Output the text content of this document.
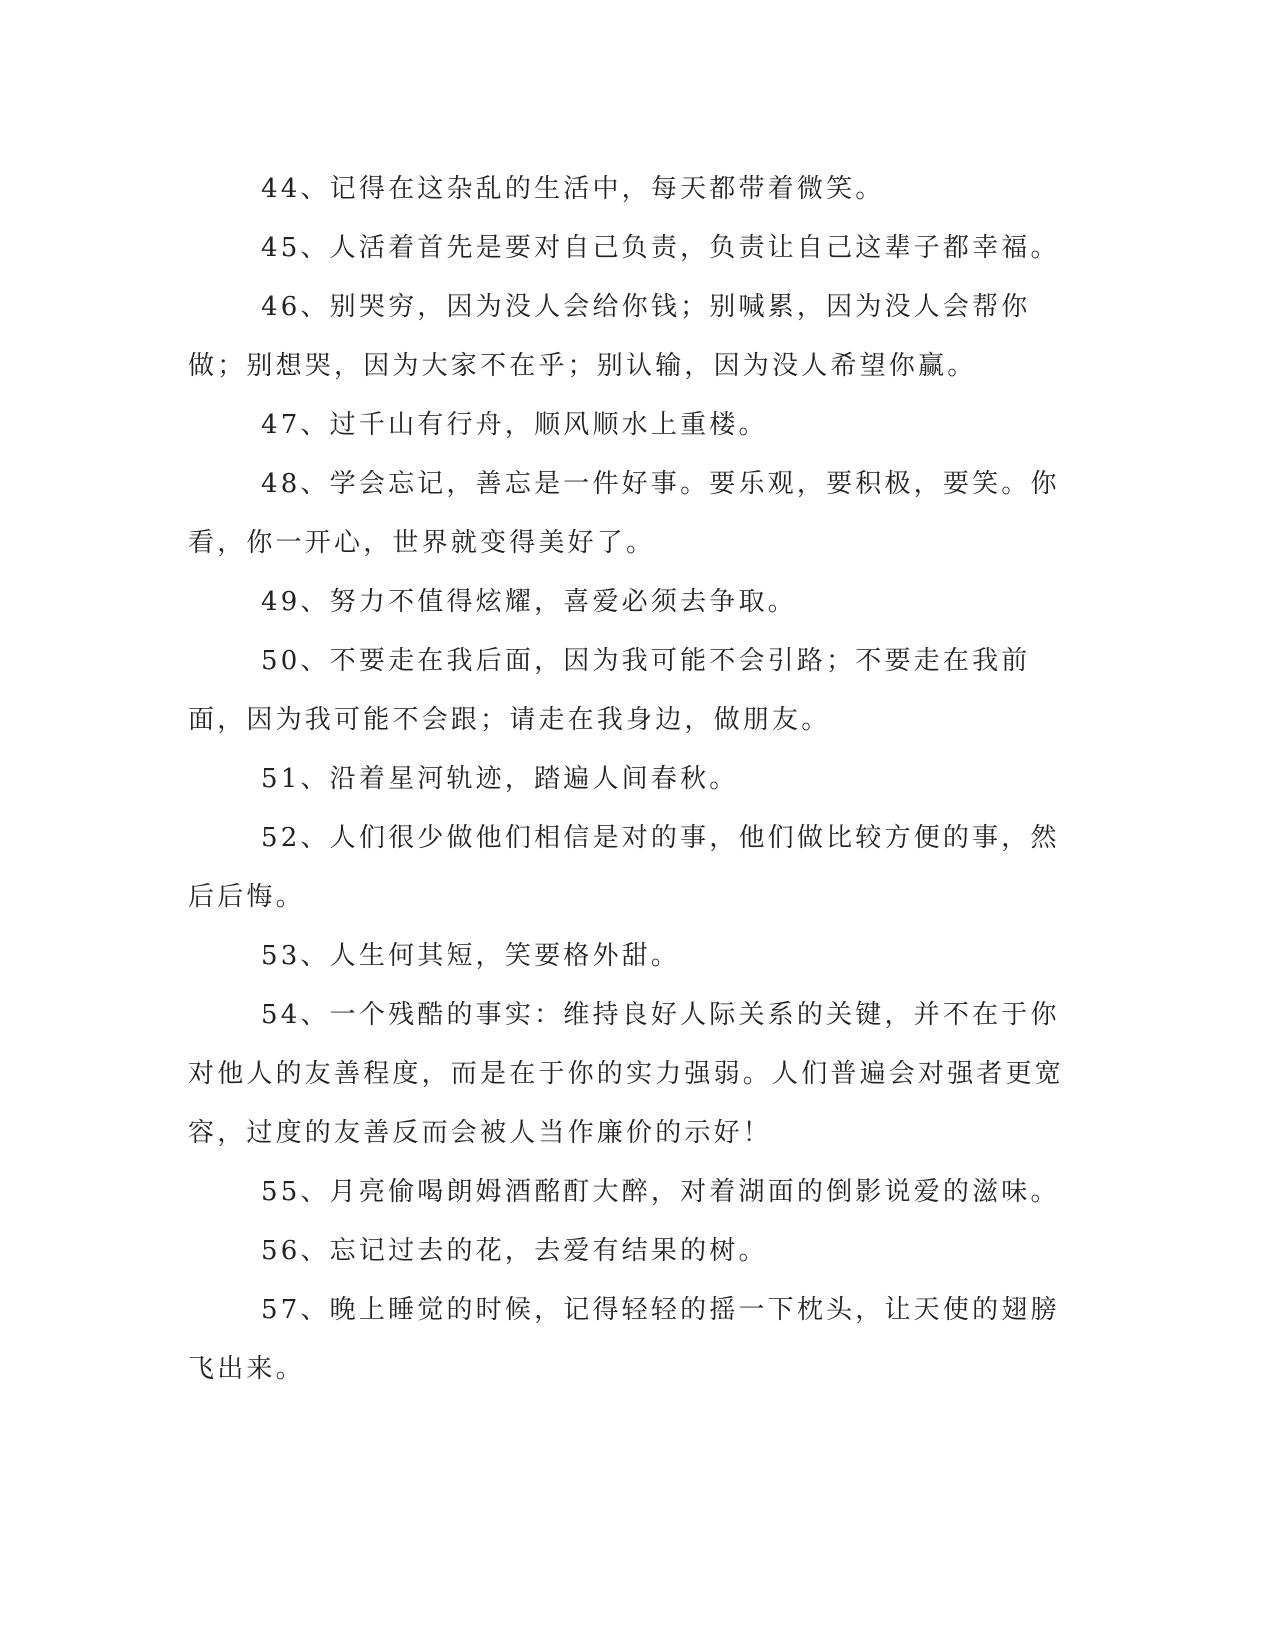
44、记得在这杂乱的生活中，每天都带着微笑。

45、人活着首先是要对自己负责，负责让自己这辈子都幸福。

46、别哭穷，因为没人会给你钱；别喊累，因为没人会帮你做；别想哭，因为大家不在乎；别认输，因为没人希望你赢。

47、过千山有行舟，顺风顺水上重楼。

48、学会忘记，善忘是一件好事。要乐观，要积极，要笑。你看，你一开心，世界就变得美好了。

49、努力不值得炫耀，喜爱必须去争取。

50、不要走在我后面，因为我可能不会引路；不要走在我前面，因为我可能不会跟；请走在我身边，做朋友。

51、沿着星河轨迹，踏遍人间春秋。

52、人们很少做他们相信是对的事，他们做比较方便的事，然后后悔。

53、人生何其短，笑要格外甜。

54、一个残酷的事实：维持良好人际关系的关键，并不在于你对他人的友善程度，而是在于你的实力强弱。人们普遍会对强者更宽容，过度的友善反而会被人当作廉价的示好！

55、月亮偷喝朗姆酒酩酊大醉，对着湖面的倒影说爱的滋味。

56、忘记过去的花，去爱有结果的树。

57、晚上睡觉的时候，记得轻轻的摇一下枕头，让天使的翅膀飞出来。
